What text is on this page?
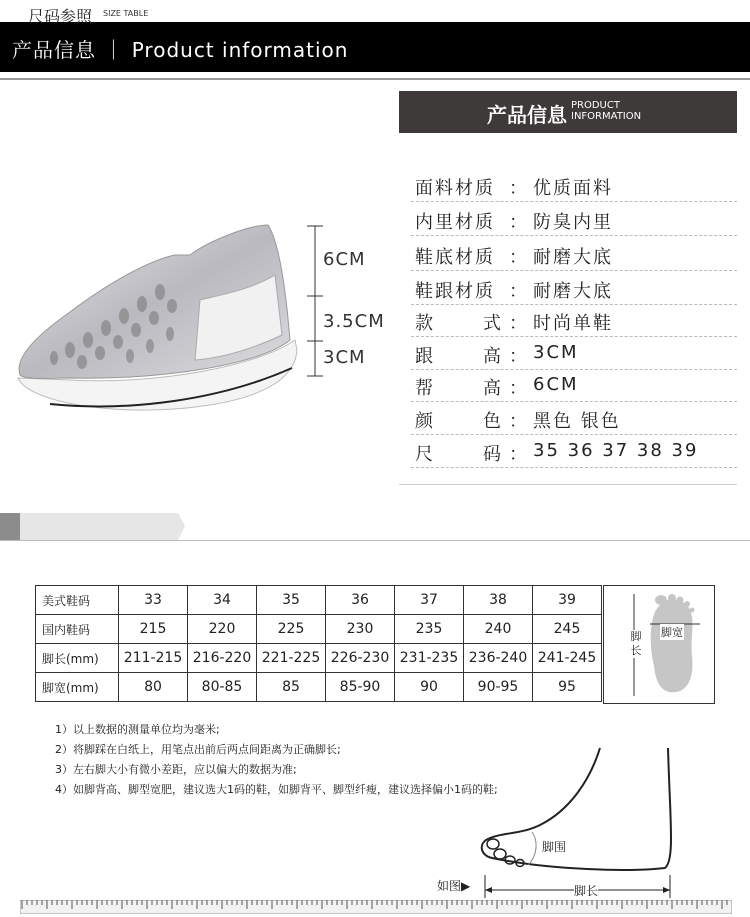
产品信息 ｜ Product information
6CM
3.5CM
3CM
产品信息 PRODUCT
INFORMATION
面料材质 ： 优质面料
内里材质 ： 防臭内里
鞋底材质 ： 耐磨大底
鞋跟材质 ： 耐磨大底
款式 ： 时尚单鞋
跟高 ： 3CM
帮高 ： 6CM
颜色 ： 黑色 银色
尺码 ： 35 36 37 38 39
尺码参照 SIZE TABLE
美式鞋码	33	34	35	36	37	38	39
国内鞋码	215	220	225	230	235	240	245
脚长(mm)	211-215	216-220	221-225	226-230	231-235	236-240	241-245
脚宽(mm)	80	80-85	85	85-90	90	90-95	95
脚长
脚宽
1）以上数据的测量单位均为毫米;
2）将脚踩在白纸上，用笔点出前后两点间距离为正确脚长;
3）左右脚大小有微小差距，应以偏大的数据为准;
4）如脚背高、脚型宽肥，建议选大1码的鞋，如脚背平、脚型纤瘦，建议选择偏小1码的鞋;
脚围
脚长
如图▶
